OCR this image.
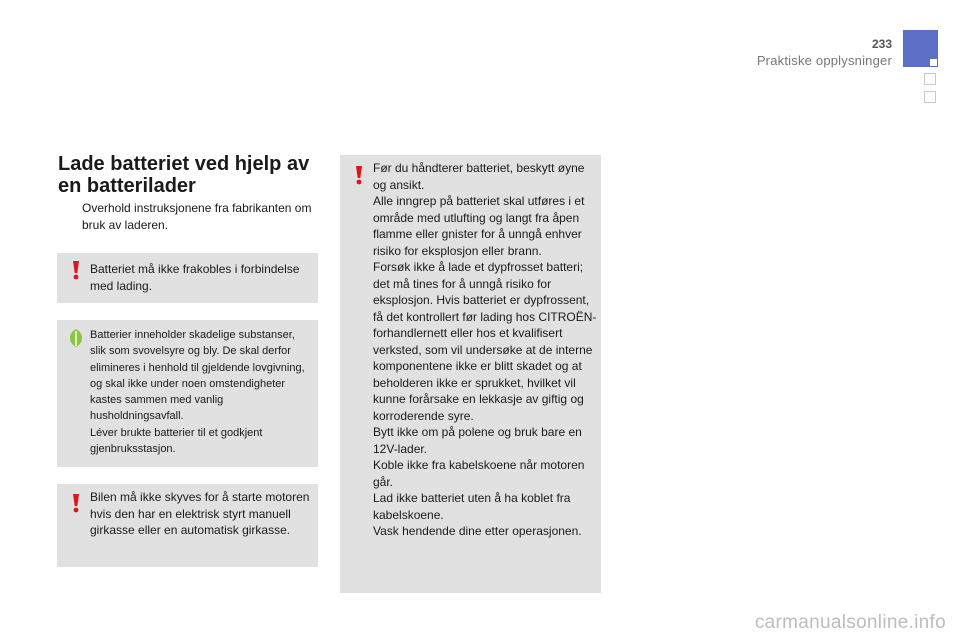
233
Praktiske opplysninger
Lade batteriet ved hjelp av en batterilader
Overhold instruksjonene fra fabrikanten om bruk av laderen.
Batteriet må ikke frakobles i forbindelse med lading.
Batterier inneholder skadelige substanser, slik som svovelsyre og bly. De skal derfor elimineres i henhold til gjeldende lovgivning, og skal ikke under noen omstendigheter kastes sammen med vanlig husholdningsavfall.
Léver brukte batterier til et godkjent gjenbruksstasjon.
Bilen må ikke skyves for å starte motoren hvis den har en elektrisk styrt manuell girkasse eller en automatisk girkasse.
Før du håndterer batteriet, beskytt øyne og ansikt.
Alle inngrep på batteriet skal utføres i et område med utlufting og langt fra åpen flamme eller gnister for å unngå enhver risiko for eksplosjon eller brann.
Forsøk ikke å lade et dypfrosset batteri; det må tines for å unngå risiko for eksplosjon. Hvis batteriet er dypfrossent, få det kontrollert før lading hos CITROËN-forhandlernett eller hos et kvalifisert verksted, som vil undersøke at de interne komponentene ikke er blitt skadet og at beholderen ikke er sprukket, hvilket vil kunne forårsake en lekkasje av giftig og korroderende syre.
Bytt ikke om på polene og bruk bare en 12V-lader.
Koble ikke fra kabelskoene når motoren går.
Lad ikke batteriet uten å ha koblet fra kabelskoene.
Vask hendende dine etter operasjonen.
carmanualsonline.info
